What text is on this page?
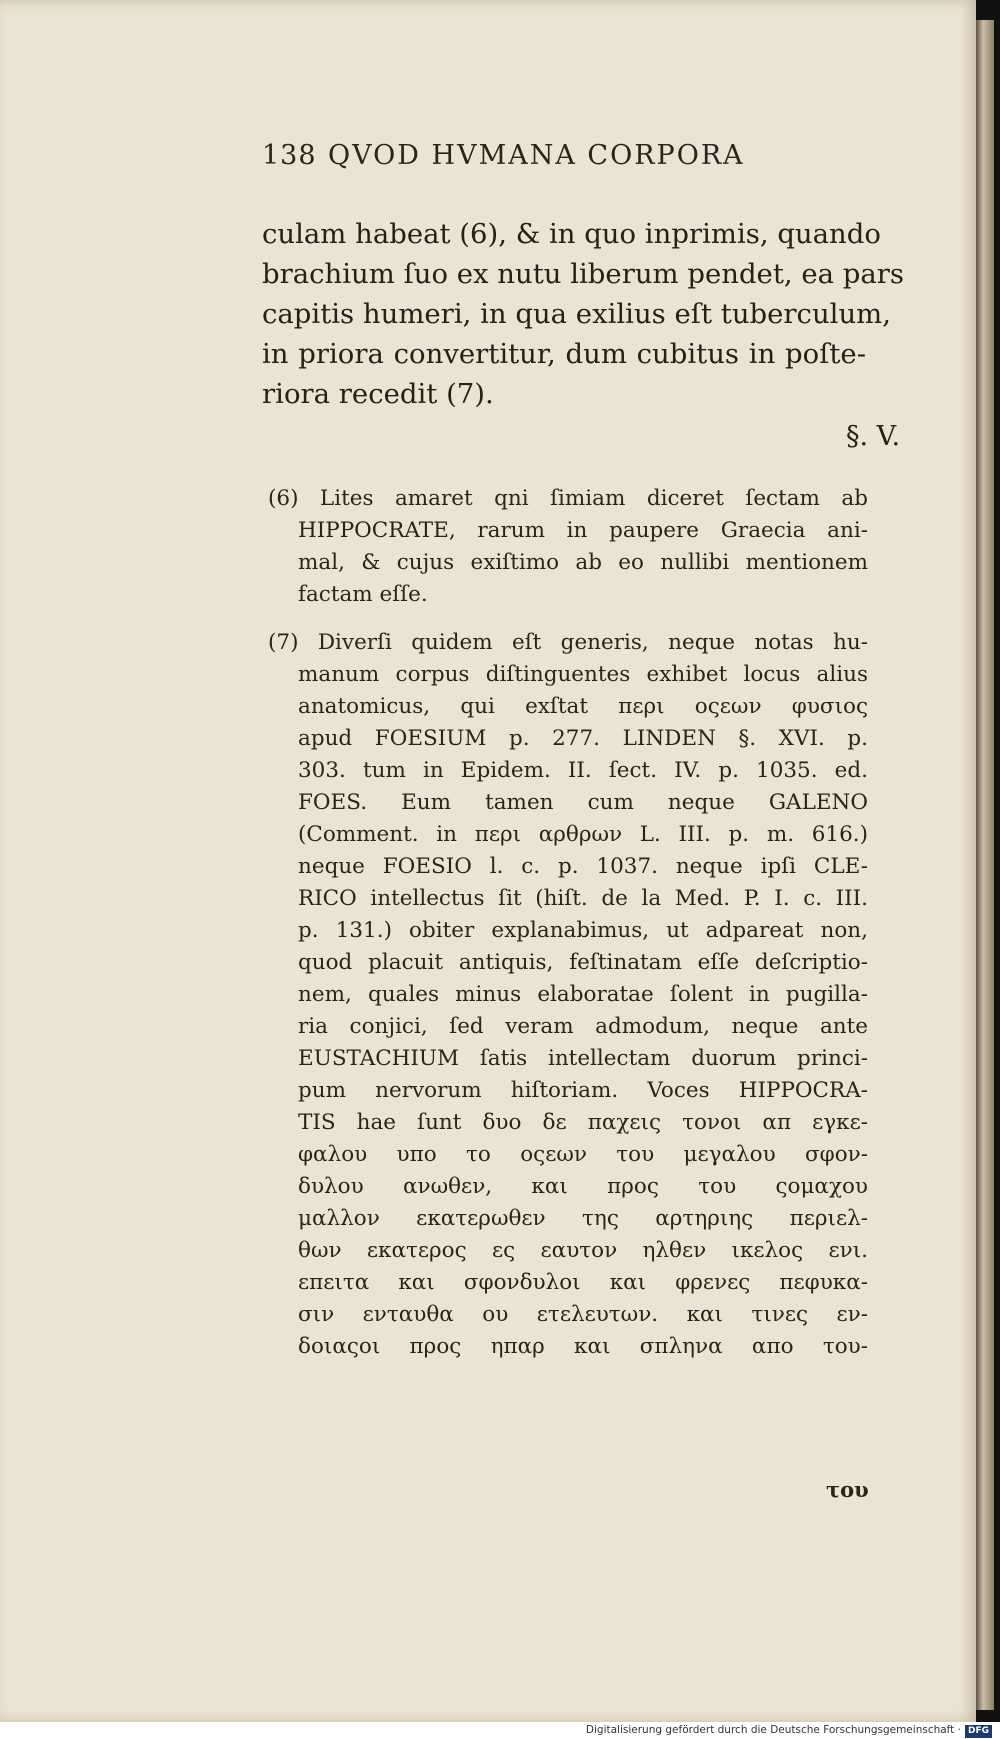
138 QVOD HVMANA CORPORA
culam habeat (6), & in quo inprimis, quando
brachium ſuo ex nutu liberum pendet, ea pars
capitis humeri, in qua exilius eſt tuberculum,
in priora convertitur, dum cubitus in poſte-
riora recedit (7).
§. V.
(6) Lites amaret qni ſimiam diceret ſectam ab
HIPPOCRATE, rarum in paupere Graecia ani-
mal, & cujus exiſtimo ab eo nullibi mentionem
factam eſſe.
(7) Diverſi quidem eſt generis, neque notas hu-
manum corpus diſtinguentes exhibet locus alius
anatomicus, qui exſtat περι οςεων φυσιος
apud FOESIUM p. 277. LINDEN §. XVI. p.
303. tum in Epidem. II. ſect. IV. p. 1035. ed.
FOES. Eum tamen cum neque GALENO
(Comment. in περι αρθρων L. III. p. m. 616.)
neque FOESIO l. c. p. 1037. neque ipſi CLE-
RICO intellectus ſit (hiſt. de la Med. P. I. c. III.
p. 131.) obiter explanabimus, ut adpareat non,
quod placuit antiquis, feſtinatam eſſe deſcriptio-
nem, quales minus elaboratae ſolent in pugilla-
ria conjici, ſed veram admodum, neque ante
EUSTACHIUM ſatis intellectam duorum princi-
pum nervorum hiſtoriam. Voces HIPPOCRA-
TIS hae ſunt δυο δε παχεις τονοι απ εγκε-
φαλου υπο το οςεων του μεγαλου σφον-
δυλου ανωθεν, και προς του ςομαχου
μαλλον εκατερωθεν της αρτηριης περιελ-
θων εκατερος ες εαυτον ηλθεν ικελος ενι.
επειτα και σφονδυλοι και φρενες πεφυκα-
σιν ενταυθα ου ετελευτων. και τινες εν-
δοιαςοι προς ηπαρ και σπληνα απο του-
του
Digitalisierung gefördert durch die Deutsche Forschungsgemeinschaft · DFG
